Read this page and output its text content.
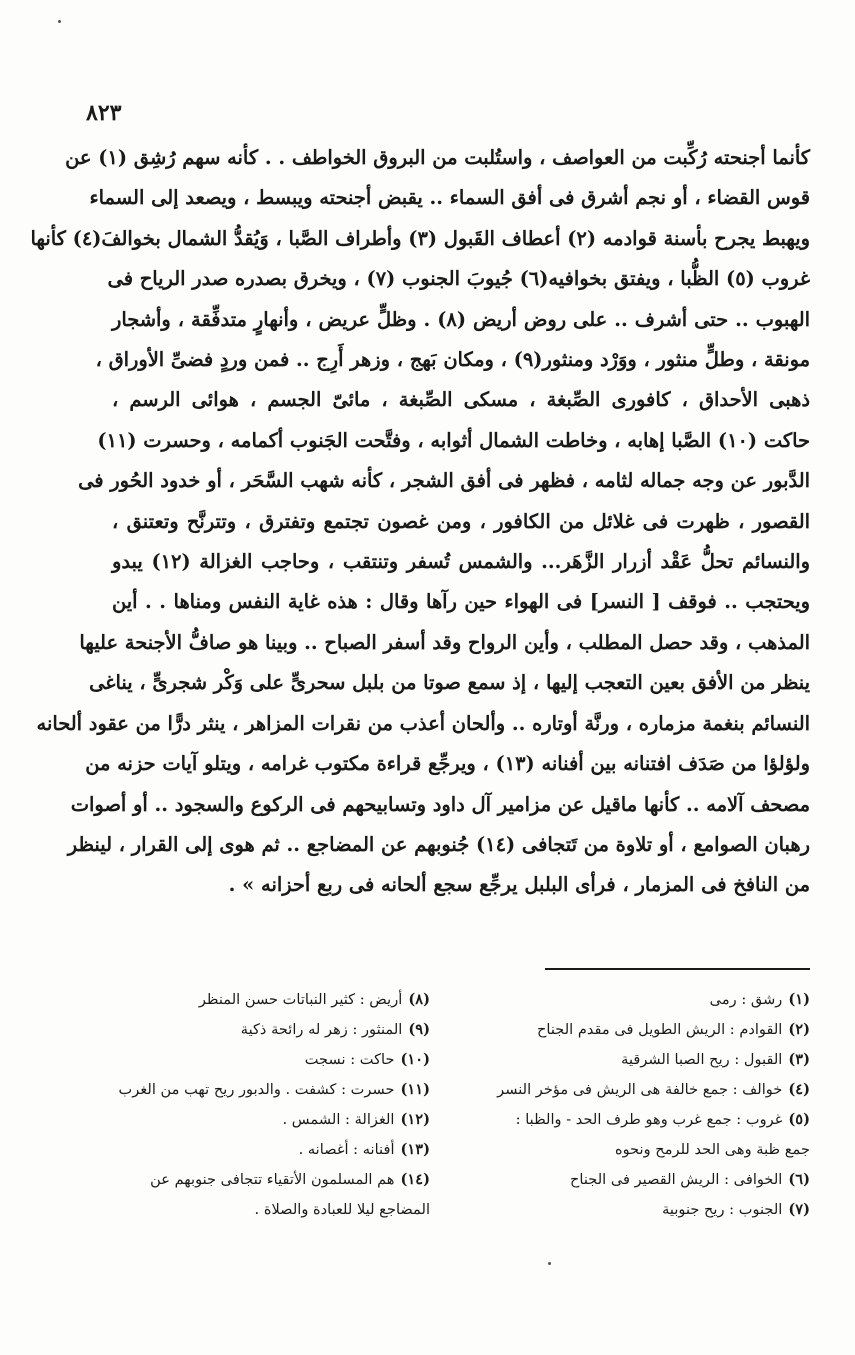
٨٢٣
كأنما أجنحته رُكِّبت من العواصف ، واستُلبت من البروق الخواطف . . كأنه سهم رُشِق (١) عن
قوس القضاء ، أو نجم أشرق فى أفق السماء .. يقبض أجنحته ويبسط ، ويصعد إلى السماء
ويهبط يجرح بأسنة قوادمه (٢) أعطاف القَبول (٣) وأطراف الصَّبا ، وَيُقدُّ الشمال بخوالفَ(٤) كأنها
غروب (٥) الظُّبا ، ويفتق بخوافيه(٦) جُيوبَ الجنوب (٧) ، ويخرق بصدره صدر الرياح فى
الهبوب .. حتى أشرف .. على روض أريض (٨) . وظلٍّ عريض ، وأنهارٍ متدفِّقة ، وأشجار
مونقة ، وطلٍّ منثور ، ووَرْد ومنثور(٩) ، ومكان بَهج ، وزهر أَرِج .. فمن وردٍ فضىِّ الأوراق ،
ذهبى الأحداق ، كافورى الصِّبغة ، مسكى الصِّبغة ، مائىّ الجسم ، هوائى الرسم ،
حاكت (١٠) الصَّبا إهابه ، وخاطت الشمال أثوابه ، وفتَّحت الجَنوب أكمامه ، وحسرت (١١)
الدَّبور عن وجه جماله لثامه ، فظهر فى أفق الشجر ، كأنه شهب السَّحَر ، أو خدود الحُور فى
القصور ، ظهرت فى غلائل من الكافور ، ومن غصون تجتمع وتفترق ، وتترنَّح وتعتنق ،
والنسائم تحلُّ عَقْد أزرار الزَّهَر... والشمس تُسفر وتنتقب ، وحاجب الغزالة (١٢) يبدو
ويحتجب .. فوقف [ النسر] فى الهواء حين رآها وقال : هذه غاية النفس ومناها . . أين
المذهب ، وقد حصل المطلب ، وأين الرواح وقد أسفر الصباح .. وبينا هو صافُّ الأجنحة عليها
ينظر من الأفق بعين التعجب إليها ، إذ سمع صوتا من بلبل سحرىٍّ على وَكْر شجرىٍّ ، يناغى
النسائم بنغمة مزماره ، ورنَّة أوتاره .. وألحان أعذب من نقرات المزاهر ، ينثر درًّا من عقود ألحانه
ولؤلؤا من صَدَف افتنانه بين أفنانه (١٣) ، ويرجِّع قراءة مكتوب غرامه ، ويتلو آيات حزنه من
مصحف آلامه .. كأنها ماقيل عن مزامير آل داود وتسابيحهم فى الركوع والسجود .. أو أصوات
رهبان الصوامع ، أو تلاوة من تَتجافى (١٤) جُنوبهم عن المضاجع .. ثم هوى إلى القرار ، لينظر
من النافخ فى المزمار ، فرأى البلبل يرجِّع سجع ألحانه فى ربع أحزانه » .
(١)رشق : رمى
(٢)القوادم : الريش الطويل فى مقدم الجناح
(٣)القبول : ريح الصبا الشرقية
(٤)خوالف : جمع خالفة هى الريش فى مؤخر النسر
(٥)غروب : جمع غرب وهو طرف الحد - والظبا :
جمع ظبة وهى الحد للرمح ونحوه
(٦)الخوافى : الريش القصير فى الجناح
(٧)الجنوب : ريح جنوبية
(٨)أريض : كثير النباتات حسن المنظر
(٩)المنثور : زهر له رائحة ذكية
(١٠)حاكت : نسجت
(١١)حسرت : كشفت . والدبور ريح تهب من الغرب
(١٢)الغزالة : الشمس .
(١٣)أفنانه : أغصانه .
(١٤)هم المسلمون الأتقياء تتجافى جنوبهم عن
المضاجع ليلا للعبادة والصلاة .
